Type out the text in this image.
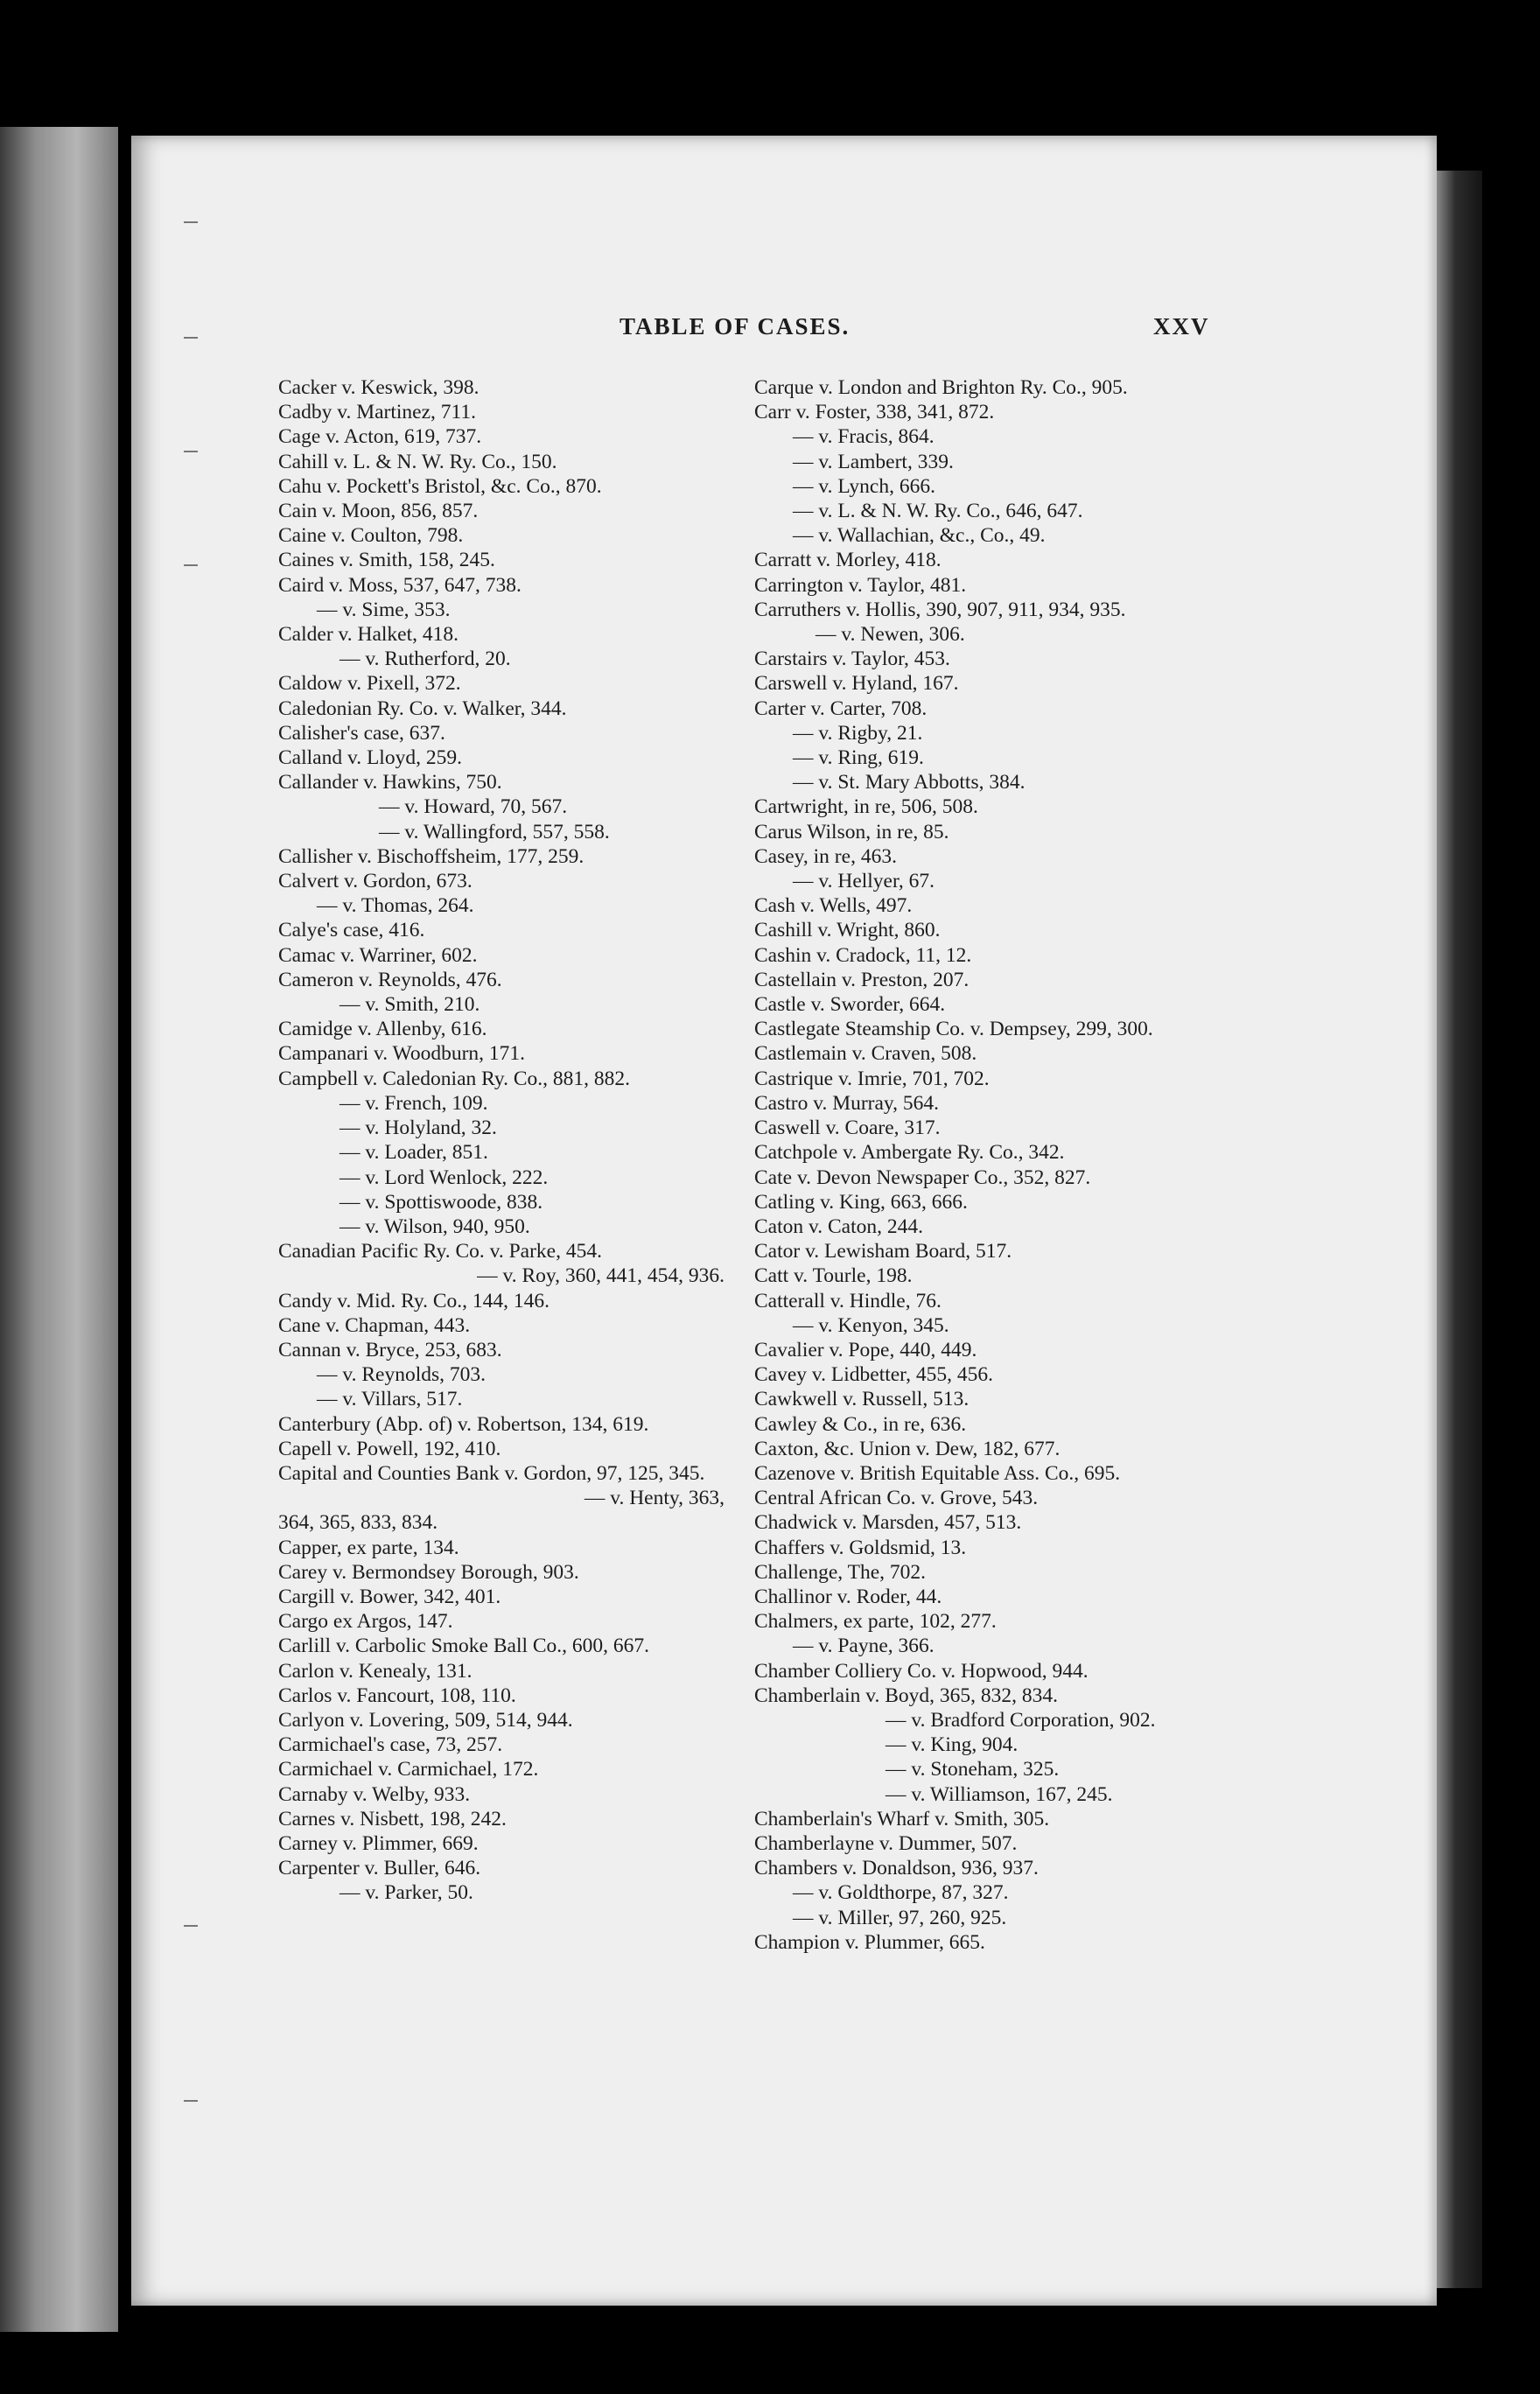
TABLE OF CASES.	XXV

Cacker v. Keswick, 398.

Cadby v. Martinez, 711.

Cage v. Acton, 619, 737.

Cahill v. L. & N. W. Ry. Co., 150.

Cahu v. Pockett's Bristol, &c. Co., 870.

Cain v. Moon, 856, 857.

Caine v. Coulton, 798.

Caines v. Smith, 158, 245.

Caird v. Moss, 537, 647, 738.

— v. Sime, 353.

Calder v. Halket, 418.

— v. Rutherford, 20.

Caldow v. Pixell, 372.

Caledonian Ry. Co. v. Walker, 344.

Calisher's case, 637.

Calland v. Lloyd, 259.

Callander v. Hawkins, 750.

— v. Howard, 70, 567.

— v. Wallingford, 557, 558.

Callisher v. Bischoffsheim, 177, 259.

Calvert v. Gordon, 673.

— v. Thomas, 264.

Calye's case, 416.

Camac v. Warriner, 602.

Cameron v. Reynolds, 476.

— v. Smith, 210.

Camidge v. Allenby, 616.

Campanari v. Woodburn, 171.

Campbell v. Caledonian Ry. Co., 881, 882.

— v. French, 109.

— v. Holyland, 32.

— v. Loader, 851.

— v. Lord Wenlock, 222.

— v. Spottiswoode, 838.

— v. Wilson, 940, 950.

Canadian Pacific Ry. Co. v. Parke, 454.

— v. Roy, 360, 441, 454, 936.

Candy v. Mid. Ry. Co., 144, 146.

Cane v. Chapman, 443.

Cannan v. Bryce, 253, 683.

— v. Reynolds, 703.

— v. Villars, 517.

Canterbury (Abp. of) v. Robertson, 134, 619.

Capell v. Powell, 192, 410.

Capital and Counties Bank v. Gordon, 97, 125, 345.

— v. Henty, 363,

364, 365, 833, 834.

Capper, ex parte, 134.

Carey v. Bermondsey Borough, 903.

Cargill v. Bower, 342, 401.

Cargo ex Argos, 147.

Carlill v. Carbolic Smoke Ball Co., 600, 667.

Carlon v. Kenealy, 131.

Carlos v. Fancourt, 108, 110.

Carlyon v. Lovering, 509, 514, 944.

Carmichael's case, 73, 257.

Carmichael v. Carmichael, 172.

Carnaby v. Welby, 933.

Carnes v. Nisbett, 198, 242.

Carney v. Plimmer, 669.

Carpenter v. Buller, 646.

— v. Parker, 50.

Carque v. London and Brighton Ry. Co., 905.

Carr v. Foster, 338, 341, 872.

— v. Fracis, 864.

— v. Lambert, 339.

— v. Lynch, 666.

— v. L. & N. W. Ry. Co., 646, 647.

— v. Wallachian, &c., Co., 49.

Carratt v. Morley, 418.

Carrington v. Taylor, 481.

Carruthers v. Hollis, 390, 907, 911, 934, 935.

— v. Newen, 306.

Carstairs v. Taylor, 453.

Carswell v. Hyland, 167.

Carter v. Carter, 708.

— v. Rigby, 21.

— v. Ring, 619.

— v. St. Mary Abbotts, 384.

Cartwright, in re, 506, 508.

Carus Wilson, in re, 85.

Casey, in re, 463.

— v. Hellyer, 67.

Cash v. Wells, 497.

Cashill v. Wright, 860.

Cashin v. Cradock, 11, 12.

Castellain v. Preston, 207.

Castle v. Sworder, 664.

Castlegate Steamship Co. v. Dempsey, 299, 300.

Castlemain v. Craven, 508.

Castrique v. Imrie, 701, 702.

Castro v. Murray, 564.

Caswell v. Coare, 317.

Catchpole v. Ambergate Ry. Co., 342.

Cate v. Devon Newspaper Co., 352, 827.

Catling v. King, 663, 666.

Caton v. Caton, 244.

Cator v. Lewisham Board, 517.

Catt v. Tourle, 198.

Catterall v. Hindle, 76.

— v. Kenyon, 345.

Cavalier v. Pope, 440, 449.

Cavey v. Lidbetter, 455, 456.

Cawkwell v. Russell, 513.

Cawley & Co., in re, 636.

Caxton, &c. Union v. Dew, 182, 677.

Cazenove v. British Equitable Ass. Co., 695.

Central African Co. v. Grove, 543.

Chadwick v. Marsden, 457, 513.

Chaffers v. Goldsmid, 13.

Challenge, The, 702.

Challinor v. Roder, 44.

Chalmers, ex parte, 102, 277.

— v. Payne, 366.

Chamber Colliery Co. v. Hopwood, 944.

Chamberlain v. Boyd, 365, 832, 834.

— v. Bradford Corporation, 902.

— v. King, 904.

— v. Stoneham, 325.

— v. Williamson, 167, 245.

Chamberlain's Wharf v. Smith, 305.

Chamberlayne v. Dummer, 507.

Chambers v. Donaldson, 936, 937.

— v. Goldthorpe, 87, 327.

— v. Miller, 97, 260, 925.

Champion v. Plummer, 665.
